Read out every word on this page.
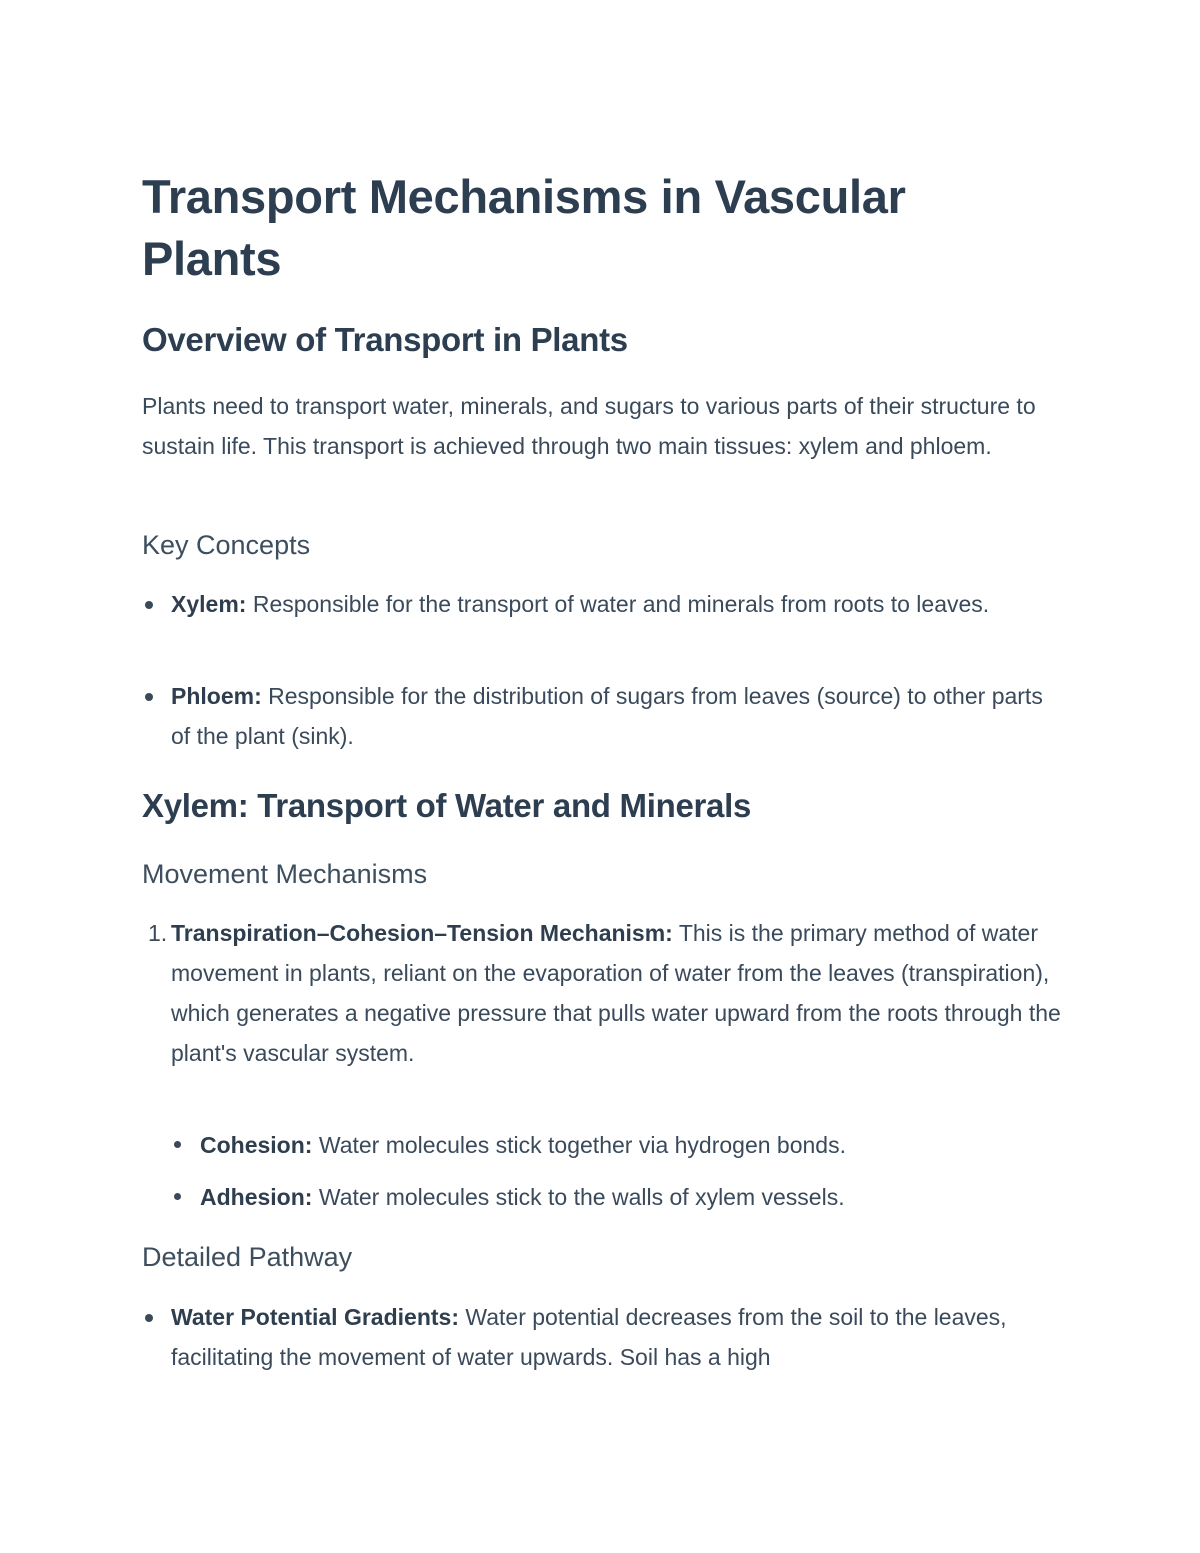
Transport Mechanisms in Vascular Plants
Overview of Transport in Plants

Plants need to transport water, minerals, and sugars to various parts of their structure to sustain life. This transport is achieved through two main tissues: xylem and phloem.

Key Concepts

Xylem: Responsible for the transport of water and minerals from roots to leaves.

Phloem: Responsible for the distribution of sugars from leaves (source) to other parts of the plant (sink).

Xylem: Transport of Water and Minerals
Movement Mechanisms
1. Transpiration–Cohesion–Tension Mechanism: This is the primary method of water movement in plants, reliant on the evaporation of water from the leaves (transpiration), which generates a negative pressure that pulls water upward from the roots through the plant's vascular system.

Cohesion: Water molecules stick together via hydrogen bonds.

Adhesion: Water molecules stick to the walls of xylem vessels.

Detailed Pathway

Water Potential Gradients: Water potential decreases from the soil to the leaves, facilitating the movement of water upwards. Soil has a high
